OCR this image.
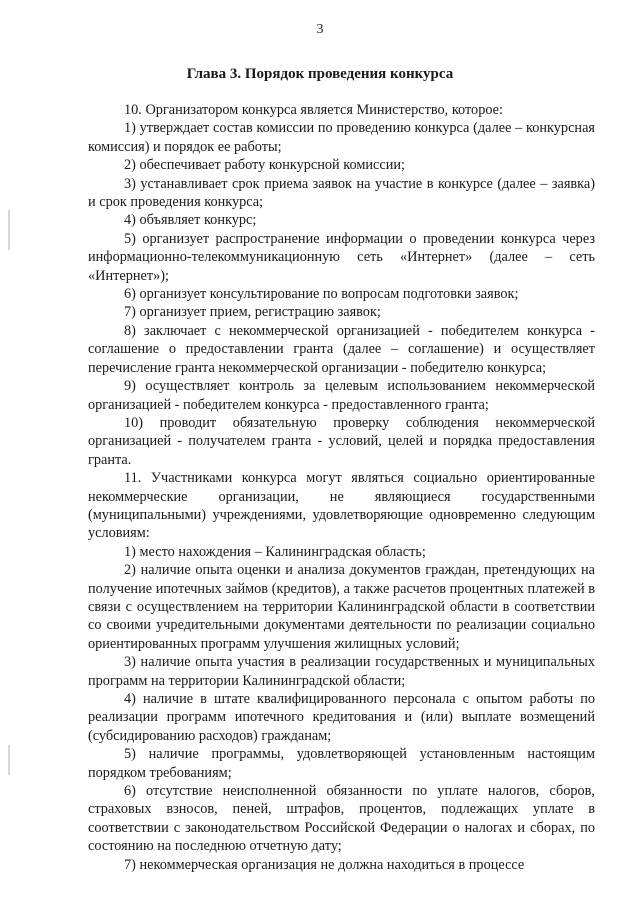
3
Глава 3. Порядок проведения конкурса

10. Организатором конкурса является Министерство, которое:

1) утверждает состав комиссии по проведению конкурса (далее – конкурсная комиссия) и порядок ее работы;

2) обеспечивает работу конкурсной комиссии;

3) устанавливает срок приема заявок на участие в конкурсе (далее – заявка) и срок проведения конкурса;

4) объявляет конкурс;

5) организует распространение информации о проведении конкурса через информационно-телекоммуникационную сеть «Интернет» (далее – сеть «Интернет»);

6) организует консультирование по вопросам подготовки заявок;

7) организует прием, регистрацию заявок;

8) заключает с некоммерческой организацией - победителем конкурса - соглашение о предоставлении гранта (далее – соглашение) и осуществляет перечисление гранта некоммерческой организации - победителю конкурса;

9) осуществляет контроль за целевым использованием некоммерческой организацией - победителем конкурса - предоставленного гранта;

10) проводит обязательную проверку соблюдения некоммерческой организацией - получателем гранта - условий, целей и порядка предоставления гранта.

11. Участниками конкурса могут являться социально ориентированные некоммерческие организации, не являющиеся государственными (муниципальными) учреждениями, удовлетворяющие одновременно следующим условиям:

1) место нахождения – Калининградская область;

2) наличие опыта оценки и анализа документов граждан, претендующих на получение ипотечных займов (кредитов), а также расчетов процентных платежей в связи с осуществлением на территории Калининградской области в соответствии со своими учредительными документами деятельности по реализации социально ориентированных программ улучшения жилищных условий;

3) наличие опыта участия в реализации государственных и муниципальных программ на территории Калининградской области;

4) наличие в штате квалифицированного персонала с опытом работы по реализации программ ипотечного кредитования и (или) выплате возмещений (субсидированию расходов) гражданам;

5) наличие программы, удовлетворяющей установленным настоящим порядком требованиям;

6) отсутствие неисполненной обязанности по уплате налогов, сборов, страховых взносов, пеней, штрафов, процентов, подлежащих уплате в соответствии с законодательством Российской Федерации о налогах и сборах, по состоянию на последнюю отчетную дату;

7) некоммерческая организация не должна находиться в процессе
